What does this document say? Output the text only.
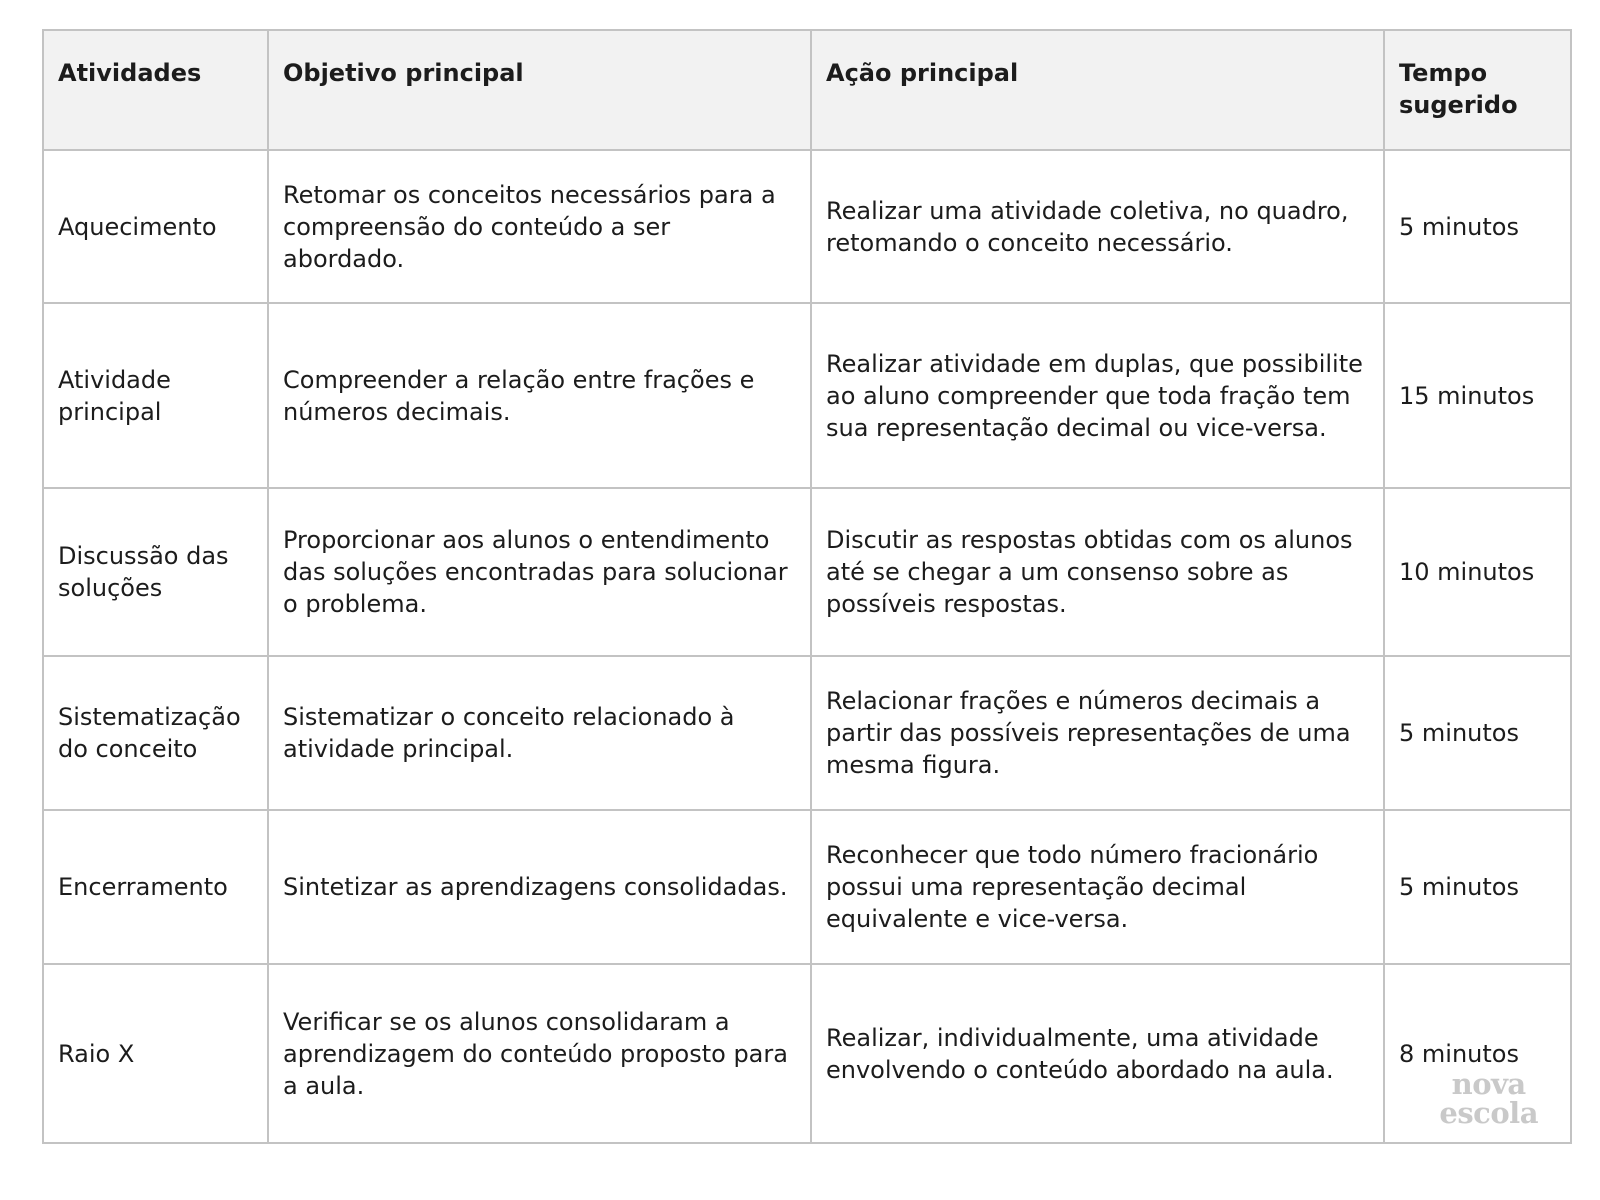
Atividades	Objetivo principal	Ação principal	Tempo sugerido
Aquecimento	Retomar os conceitos necessários para a compreensão do conteúdo a ser abordado.	Realizar uma atividade coletiva, no quadro, retomando o conceito necessário.	5 minutos
Atividade principal	Compreender a relação entre frações e números decimais.	Realizar atividade em duplas, que possibilite ao aluno compreender que toda fração tem sua representação decimal ou vice-versa.	15 minutos
Discussão das soluções	Proporcionar aos alunos o entendimento das soluções encontradas para solucionar o problema.	Discutir as respostas obtidas com os alunos até se chegar a um consenso sobre as possíveis respostas.	10 minutos
Sistematização do conceito	Sistematizar o conceito relacionado à atividade principal.	Relacionar frações e números decimais a partir das possíveis representações de uma mesma figura.	5 minutos
Encerramento	Sintetizar as aprendizagens consolidadas.	Reconhecer que todo número fracionário possui uma representação decimal equivalente e vice-versa.	5 minutos
Raio X	Verificar se os alunos consolidaram a aprendizagem do conteúdo proposto para a aula.	Realizar, individualmente, uma atividade envolvendo o conteúdo abordado na aula.	8 minutos
nova
escola
